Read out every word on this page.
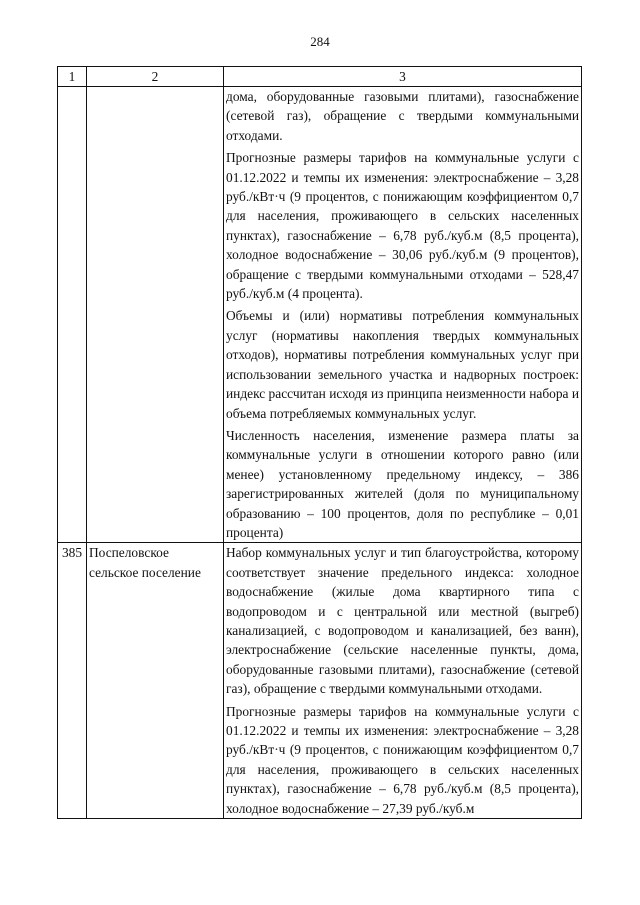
284
1	2	3

		дома, оборудованные газовыми плитами), газоснабжение (сетевой газ), обращение с твердыми коммунальными отходами.

Прогнозные размеры тарифов на коммунальные услуги с 01.12.2022 и темпы их изменения: электроснабжение – 3,28 руб./кВт·ч (9 процентов, с понижающим коэффициентом 0,7 для населения, проживающего в сельских населенных пунктах), газоснабжение – 6,78 руб./куб.м (8,5 процента), холодное водоснабжение – 30,06 руб./куб.м (9 процентов), обращение с твердыми коммунальными отходами – 528,47 руб./куб.м (4 процента).

Объемы и (или) нормативы потребления коммунальных услуг (нормативы накопления твердых коммунальных отходов), нормативы потребления коммунальных услуг при использовании земельного участка и надворных построек: индекс рассчитан исходя из принципа неизменности набора и объема потребляемых коммунальных услуг.

Численность населения, изменение размера платы за коммунальные услуги в отношении которого равно (или менее) установленному предельному индексу, – 386 зарегистрированных жителей (доля по муниципальному образованию – 100 процентов, доля по республике – 0,01 процента)

385	Поспеловское сельское поселение	Набор коммунальных услуг и тип благоустройства, которому соответствует значение предельного индекса: холодное водоснабжение (жилые дома квартирного типа с водопроводом и с центральной или местной (выгреб) канализацией, с водопроводом и канализацией, без ванн), электроснабжение (сельские населенные пункты, дома, оборудованные газовыми плитами), газоснабжение (сетевой газ), обращение с твердыми коммунальными отходами.

Прогнозные размеры тарифов на коммунальные услуги с 01.12.2022 и темпы их изменения: электроснабжение – 3,28 руб./кВт·ч (9 процентов, с понижающим коэффициентом 0,7 для населения, проживающего в сельских населенных пунктах), газоснабжение – 6,78 руб./куб.м (8,5 процента), холодное водоснабжение – 27,39 руб./куб.м
